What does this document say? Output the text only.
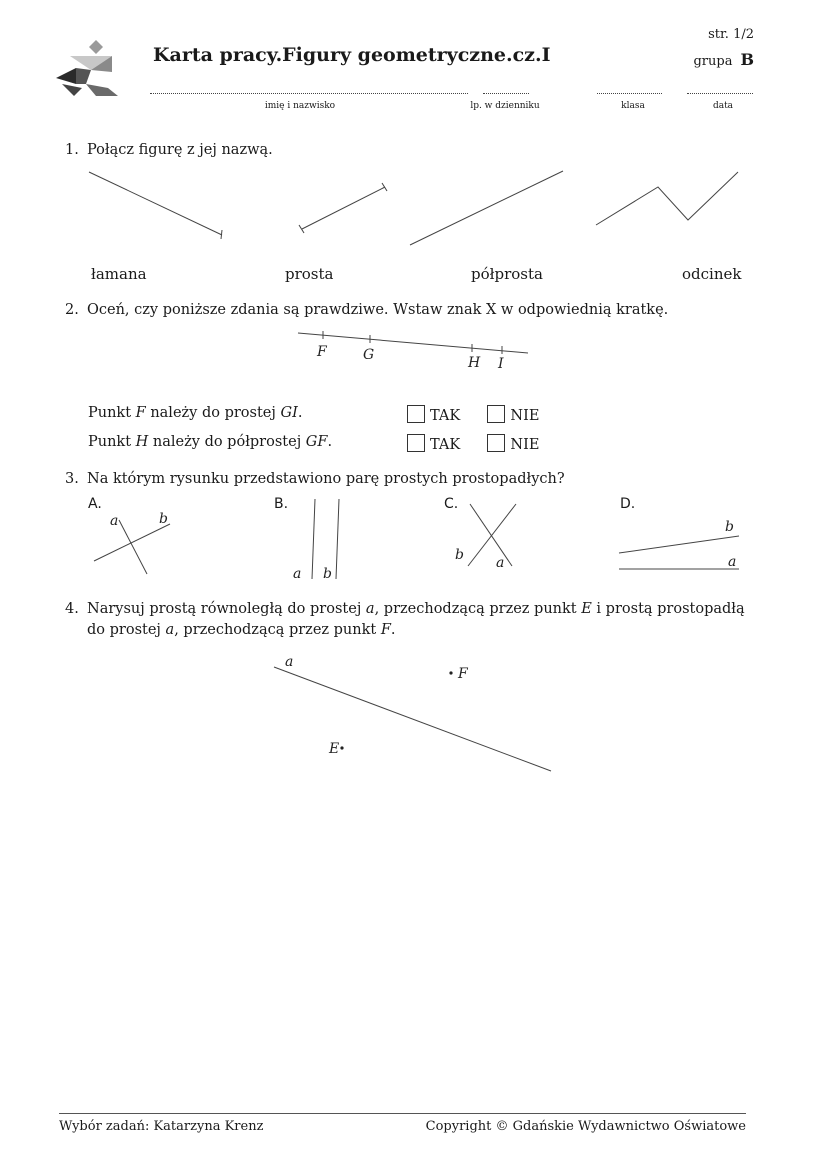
Karta pracy.Figury geometryczne.cz.I
str. 1/2
grupa B
imię i nazwisko	lp. w dzienniku	klasa	data
1. Połącz figurę z jej nazwą.
łamana	prosta	półprosta	odcinek
2. Oceń, czy poniższe zdania są prawdziwe. Wstaw znak X w odpowiednią kratkę.
F	G	H I
Punkt F należy do prostej GI.	TAK	NIE
Punkt H należy do półprostej GF.	TAK	NIE
3. Na którym rysunku przedstawiono parę prostych prostopadłych?
A.	B.	C.	D.
a	b
a b
b a
b
a
4. Narysuj prostą równoległą do prostej a, przechodzącą przez punkt E i prostą prostopadłą
do prostej a, przechodzącą przez punkt F.
a
F
E
Wybór zadań: Katarzyna Krenz	Copyright © Gdańskie Wydawnictwo Oświatowe
